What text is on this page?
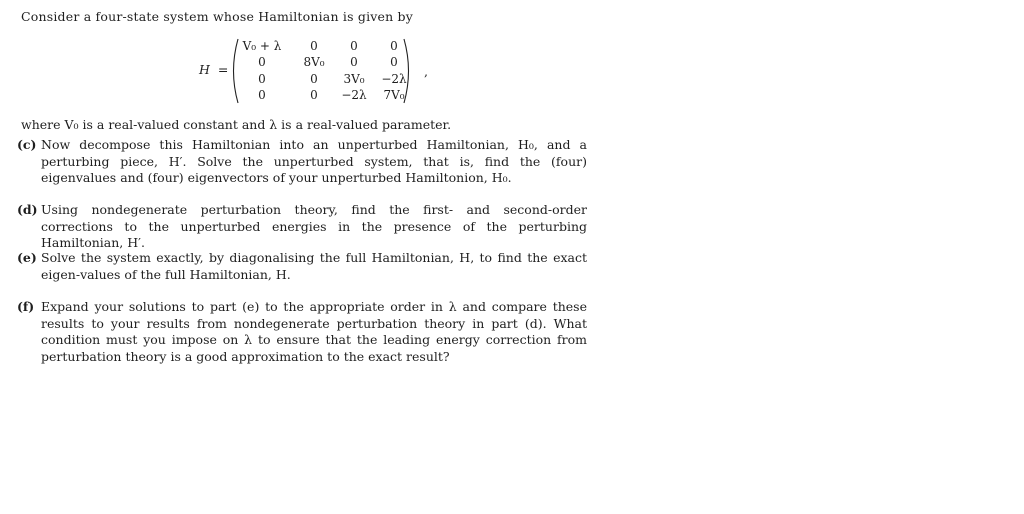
Consider a four-state system whose Hamiltonian is given by
H =
V₀ + λ	0	0	0
0	8V₀	0	0
0	0	3V₀	−2λ
0	0	−2λ	7V₀
,
where V₀ is a real-valued constant and λ is a real-valued parameter.
(c) Now decompose this Hamiltonian into an unperturbed Hamiltonian, H₀, and a perturbing piece, H′. Solve the unperturbed system, that is, find the (four) eigenvalues and (four) eigenvectors of your unperturbed Hamiltonion, H₀.
(d) Using nondegenerate perturbation theory, find the first- and second-order corrections to the unperturbed energies in the presence of the perturbing Hamiltonian, H′.
(e) Solve the system exactly, by diagonalising the full Hamiltonian, H, to find the exact eigen-values of the full Hamiltonian, H.
(f) Expand your solutions to part (e) to the appropriate order in λ and compare these results to your results from nondegenerate perturbation theory in part (d). What condition must you impose on λ to ensure that the leading energy correction from perturbation theory is a good approximation to the exact result?
